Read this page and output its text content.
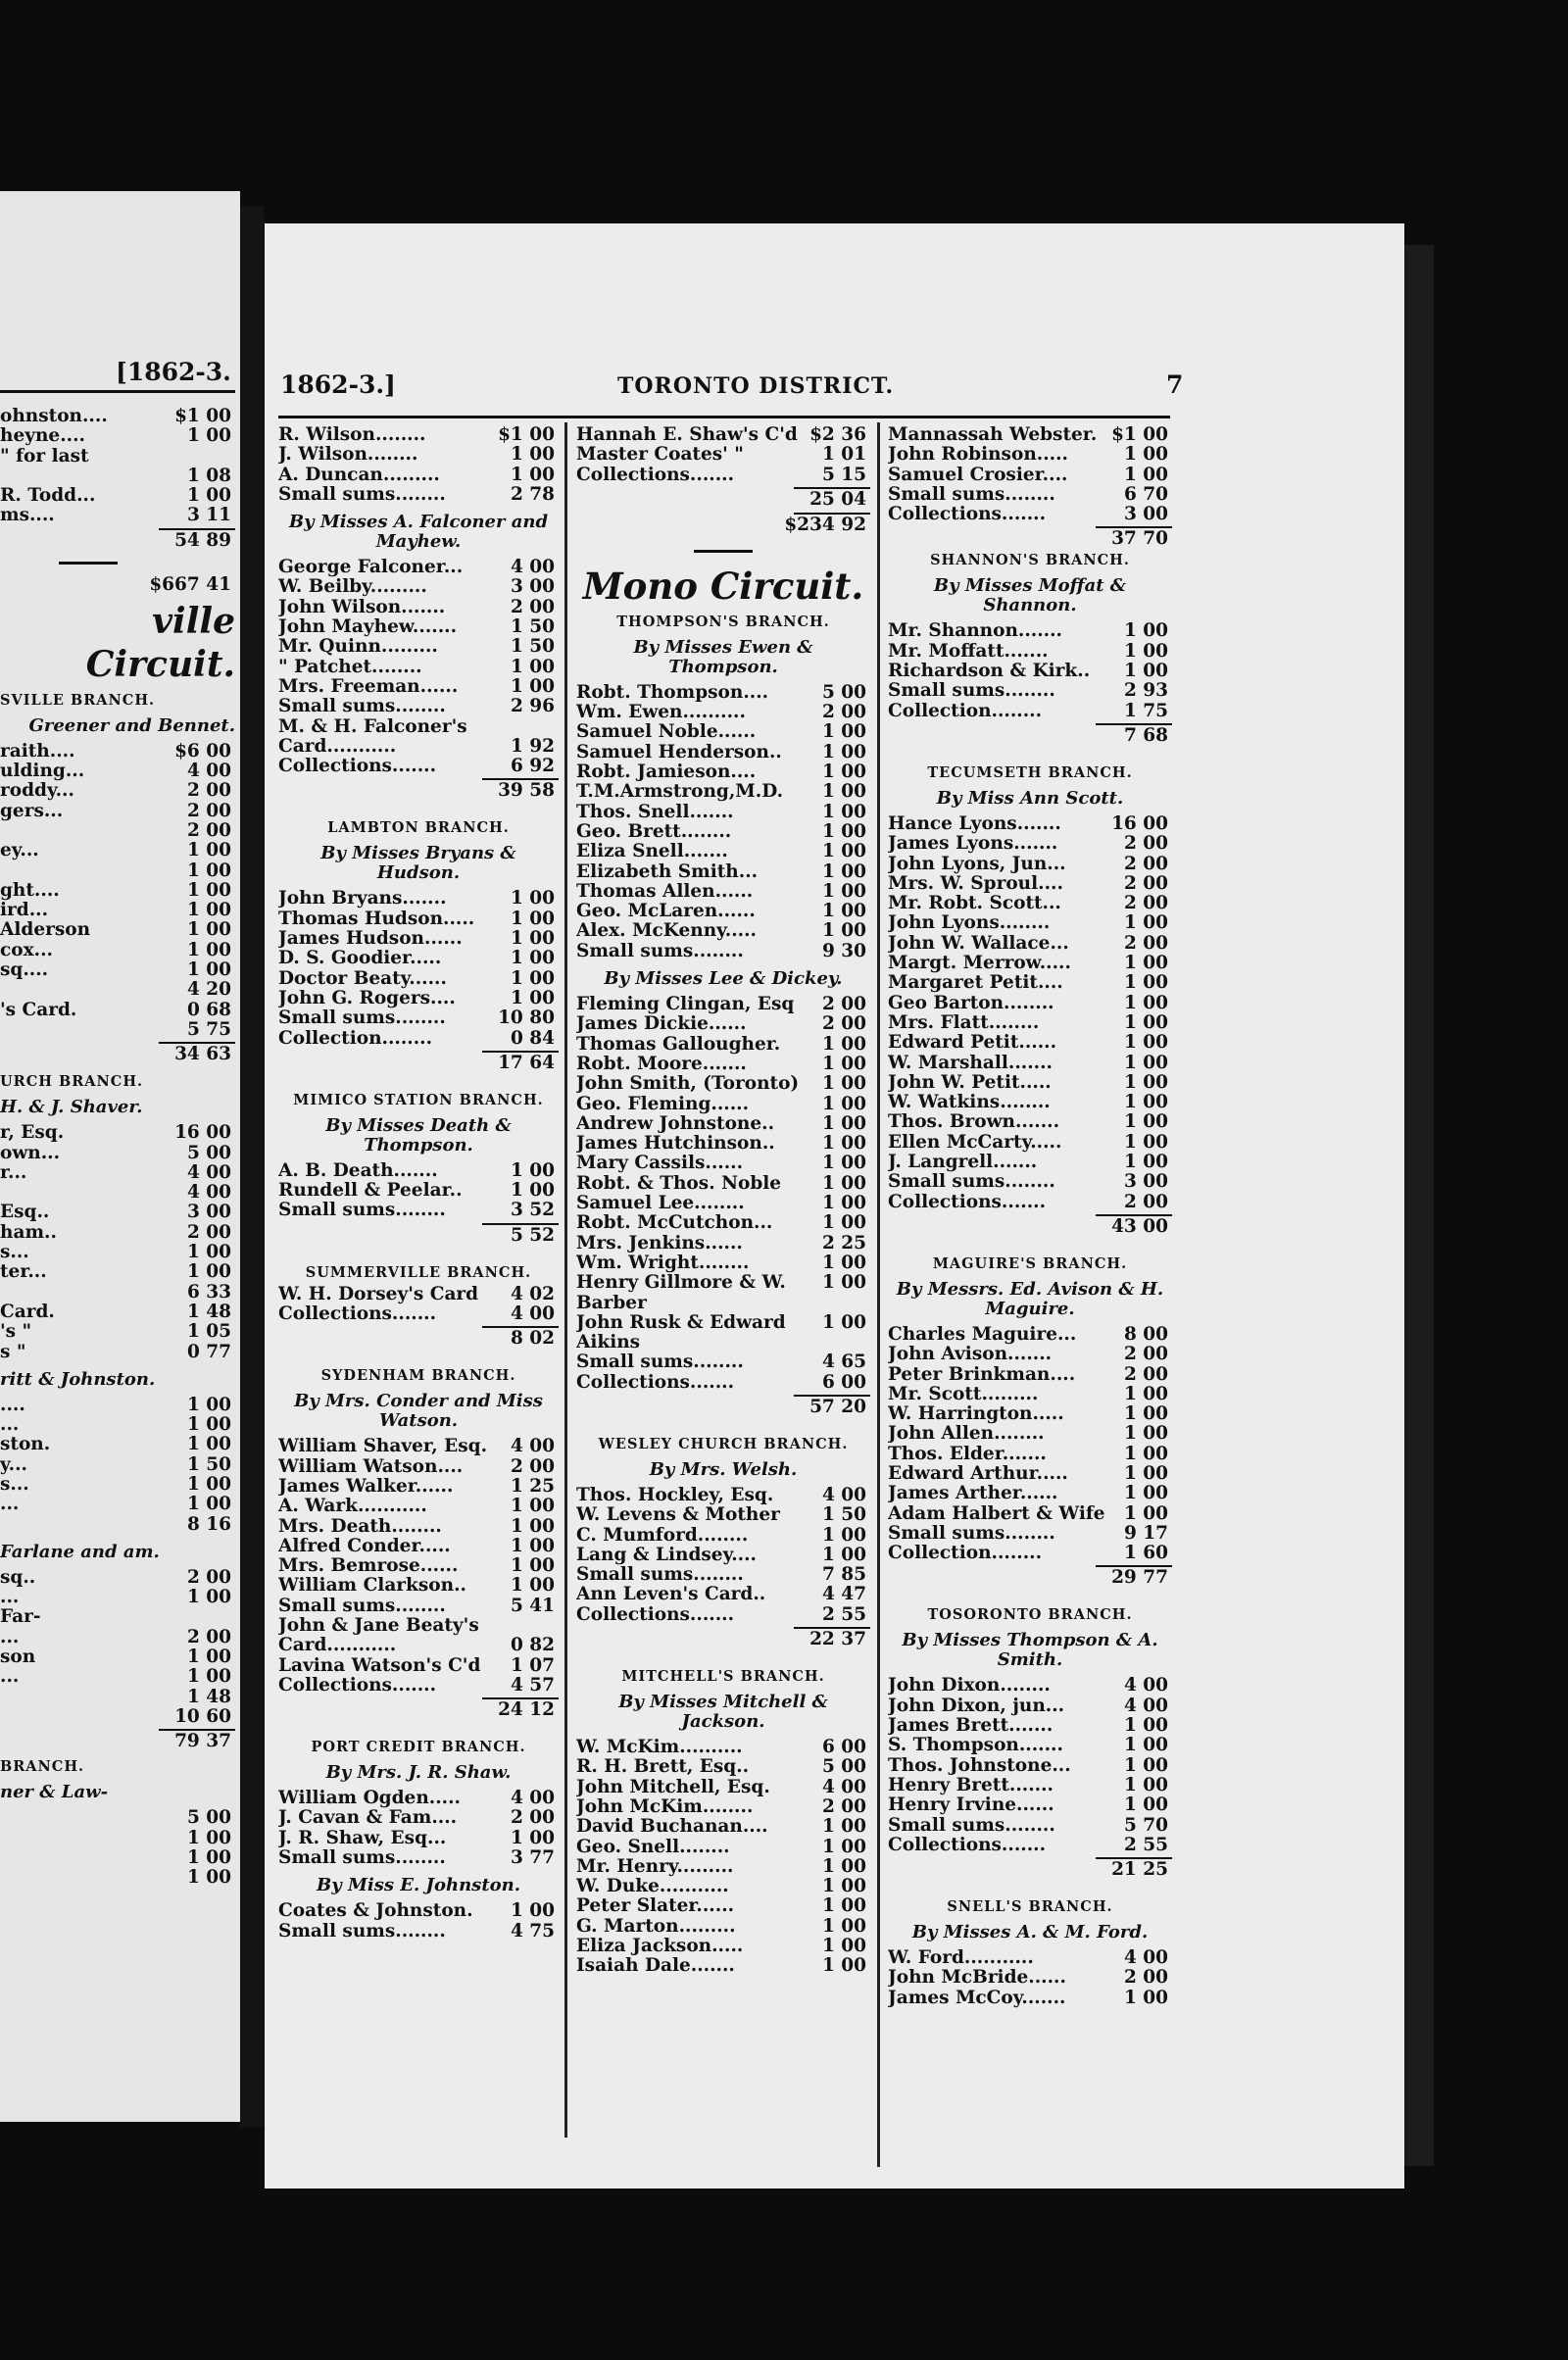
[1862-3.
ohnston....	$1 00
heyne....	1 00
" for last
1 08
R. Todd...	1 00
ms....	3 11
54 89
$667 41
ville Circuit.
SVILLE BRANCH.
Greener and Bennet.
raith....	$6 00
ulding...	4 00
roddy...	2 00
gers...	2 00
2 00
ey...	1 00
1 00
ght....	1 00
ird...	1 00
Alderson	1 00
cox...	1 00
sq....	1 00
4 20
's Card.	0 68
5 75
34 63
URCH BRANCH.
H. & J. Shaver.
r, Esq.	16 00
own...	5 00
r...	4 00
4 00
Esq..	3 00
ham..	2 00
s...	1 00
ter...	1 00
6 33
Card.	1 48
's "	1 05
s "	0 77
ritt & Johnston.
....	1 00
...	1 00
ston.	1 00
y...	1 50
s...	1 00
...	1 00
8 16
Farlane and am.
sq..	2 00
...	1 00
Far-
...	2 00
son	1 00
...	1 00
1 48
10 60
79 37
BRANCH.
ner & Law-
5 00
1 00
1 00
1 00
1862-3.]	TORONTO DISTRICT.	7
R. Wilson........	$1 00
J. Wilson........	1 00
A. Duncan.........	1 00
Small sums........	2 78
By Misses A. Falconer and Mayhew.
George Falconer...	4 00
W. Beilby.........	3 00
John Wilson.......	2 00
John Mayhew.......	1 50
Mr. Quinn.........	1 50
" Patchet........	1 00
Mrs. Freeman......	1 00
Small sums........	2 96
M. & H. Falconer's
Card...........	1 92
Collections.......	6 92
39 58
LAMBTON BRANCH.
By Misses Bryans & Hudson.
John Bryans.......	1 00
Thomas Hudson.....	1 00
James Hudson......	1 00
D. S. Goodier.....	1 00
Doctor Beaty......	1 00
John G. Rogers....	1 00
Small sums........	10 80
Collection........	0 84
17 64
MIMICO STATION BRANCH.
By Misses Death & Thompson.
A. B. Death.......	1 00
Rundell & Peelar..	1 00
Small sums........	3 52
5 52
SUMMERVILLE BRANCH.
W. H. Dorsey's Card	4 02
Collections.......	4 00
8 02
SYDENHAM BRANCH.
By Mrs. Conder and Miss Watson.
William Shaver, Esq.	4 00
William Watson....	2 00
James Walker......	1 25
A. Wark...........	1 00
Mrs. Death........	1 00
Alfred Conder.....	1 00
Mrs. Bemrose......	1 00
William Clarkson..	1 00
Small sums........	5 41
John & Jane Beaty's
Card...........	0 82
Lavina Watson's C'd	1 07
Collections.......	4 57
24 12
PORT CREDIT BRANCH.
By Mrs. J. R. Shaw.
William Ogden.....	4 00
J. Cavan & Fam....	2 00
J. R. Shaw, Esq...	1 00
Small sums........	3 77
By Miss E. Johnston.
Coates & Johnston.	1 00
Small sums........	4 75
Hannah E. Shaw's C'd $2 36
Master Coates' "	1 01
Collections.......	5 15
25 04
$234 92
Mono Circuit.
THOMPSON'S BRANCH.
By Misses Ewen & Thompson.
Robt. Thompson....	5 00
Wm. Ewen..........	2 00
Samuel Noble......	1 00
Samuel Henderson..	1 00
Robt. Jamieson....	1 00
T.M.Armstrong,M.D.	1 00
Thos. Snell.......	1 00
Geo. Brett........	1 00
Eliza Snell.......	1 00
Elizabeth Smith...	1 00
Thomas Allen......	1 00
Geo. McLaren......	1 00
Alex. McKenny.....	1 00
Small sums........	9 30
By Misses Lee & Dickey.
Fleming Clingan, Esq	2 00
James Dickie......	2 00
Thomas Gallougher.	1 00
Robt. Moore.......	1 00
John Smith, (Toronto)	1 00
Geo. Fleming......	1 00
Andrew Johnstone..	1 00
James Hutchinson..	1 00
Mary Cassils......	1 00
Robt. & Thos. Noble	1 00
Samuel Lee........	1 00
Robt. McCutchon...	1 00
Mrs. Jenkins......	2 25
Wm. Wright........	1 00
Henry Gillmore & W. Barber
1 00
John Rusk & Edward Aikins
1 00
Small sums........	4 65
Collections.......	6 00
57 20
WESLEY CHURCH BRANCH.
By Mrs. Welsh.
Thos. Hockley, Esq.	4 00
W. Levens & Mother	1 50
C. Mumford........	1 00
Lang & Lindsey....	1 00
Small sums........	7 85
Ann Leven's Card..	4 47
Collections.......	2 55
22 37
MITCHELL'S BRANCH.
By Misses Mitchell & Jackson.
W. McKim..........	6 00
R. H. Brett, Esq..	5 00
John Mitchell, Esq.	4 00
John McKim........	2 00
David Buchanan....	1 00
Geo. Snell........	1 00
Mr. Henry.........	1 00
W. Duke...........	1 00
Peter Slater......	1 00
G. Marton.........	1 00
Eliza Jackson.....	1 00
Isaiah Dale.......	1 00
Mannassah Webster. $1 00
John Robinson.....	1 00
Samuel Crosier....	1 00
Small sums........	6 70
Collections.......	3 00
37 70
SHANNON'S BRANCH.
By Misses Moffat & Shannon.
Mr. Shannon.......	1 00
Mr. Moffatt.......	1 00
Richardson & Kirk..	1 00
Small sums........	2 93
Collection........	1 75
7 68
TECUMSETH BRANCH.
By Miss Ann Scott.
Hance Lyons.......	16 00
James Lyons.......	2 00
John Lyons, Jun...	2 00
Mrs. W. Sproul....	2 00
Mr. Robt. Scott...	2 00
John Lyons........	1 00
John W. Wallace...	2 00
Margt. Merrow.....	1 00
Margaret Petit....	1 00
Geo Barton........	1 00
Mrs. Flatt........	1 00
Edward Petit......	1 00
W. Marshall.......	1 00
John W. Petit.....	1 00
W. Watkins........	1 00
Thos. Brown.......	1 00
Ellen McCarty.....	1 00
J. Langrell.......	1 00
Small sums........	3 00
Collections.......	2 00
43 00
MAGUIRE'S BRANCH.
By Messrs. Ed. Avison & H. Maguire.
Charles Maguire...	8 00
John Avison.......	2 00
Peter Brinkman....	2 00
Mr. Scott.........	1 00
W. Harrington.....	1 00
John Allen........	1 00
Thos. Elder.......	1 00
Edward Arthur.....	1 00
James Arther......	1 00
Adam Halbert & Wife	1 00
Small sums........	9 17
Collection........	1 60
29 77
TOSORONTO BRANCH.
By Misses Thompson & A. Smith.
John Dixon........	4 00
John Dixon, jun...	4 00
James Brett.......	1 00
S. Thompson.......	1 00
Thos. Johnstone...	1 00
Henry Brett.......	1 00
Henry Irvine......	1 00
Small sums........	5 70
Collections.......	2 55
21 25
SNELL'S BRANCH.
By Misses A. & M. Ford.
W. Ford...........	4 00
John McBride......	2 00
James McCoy.......	1 00
